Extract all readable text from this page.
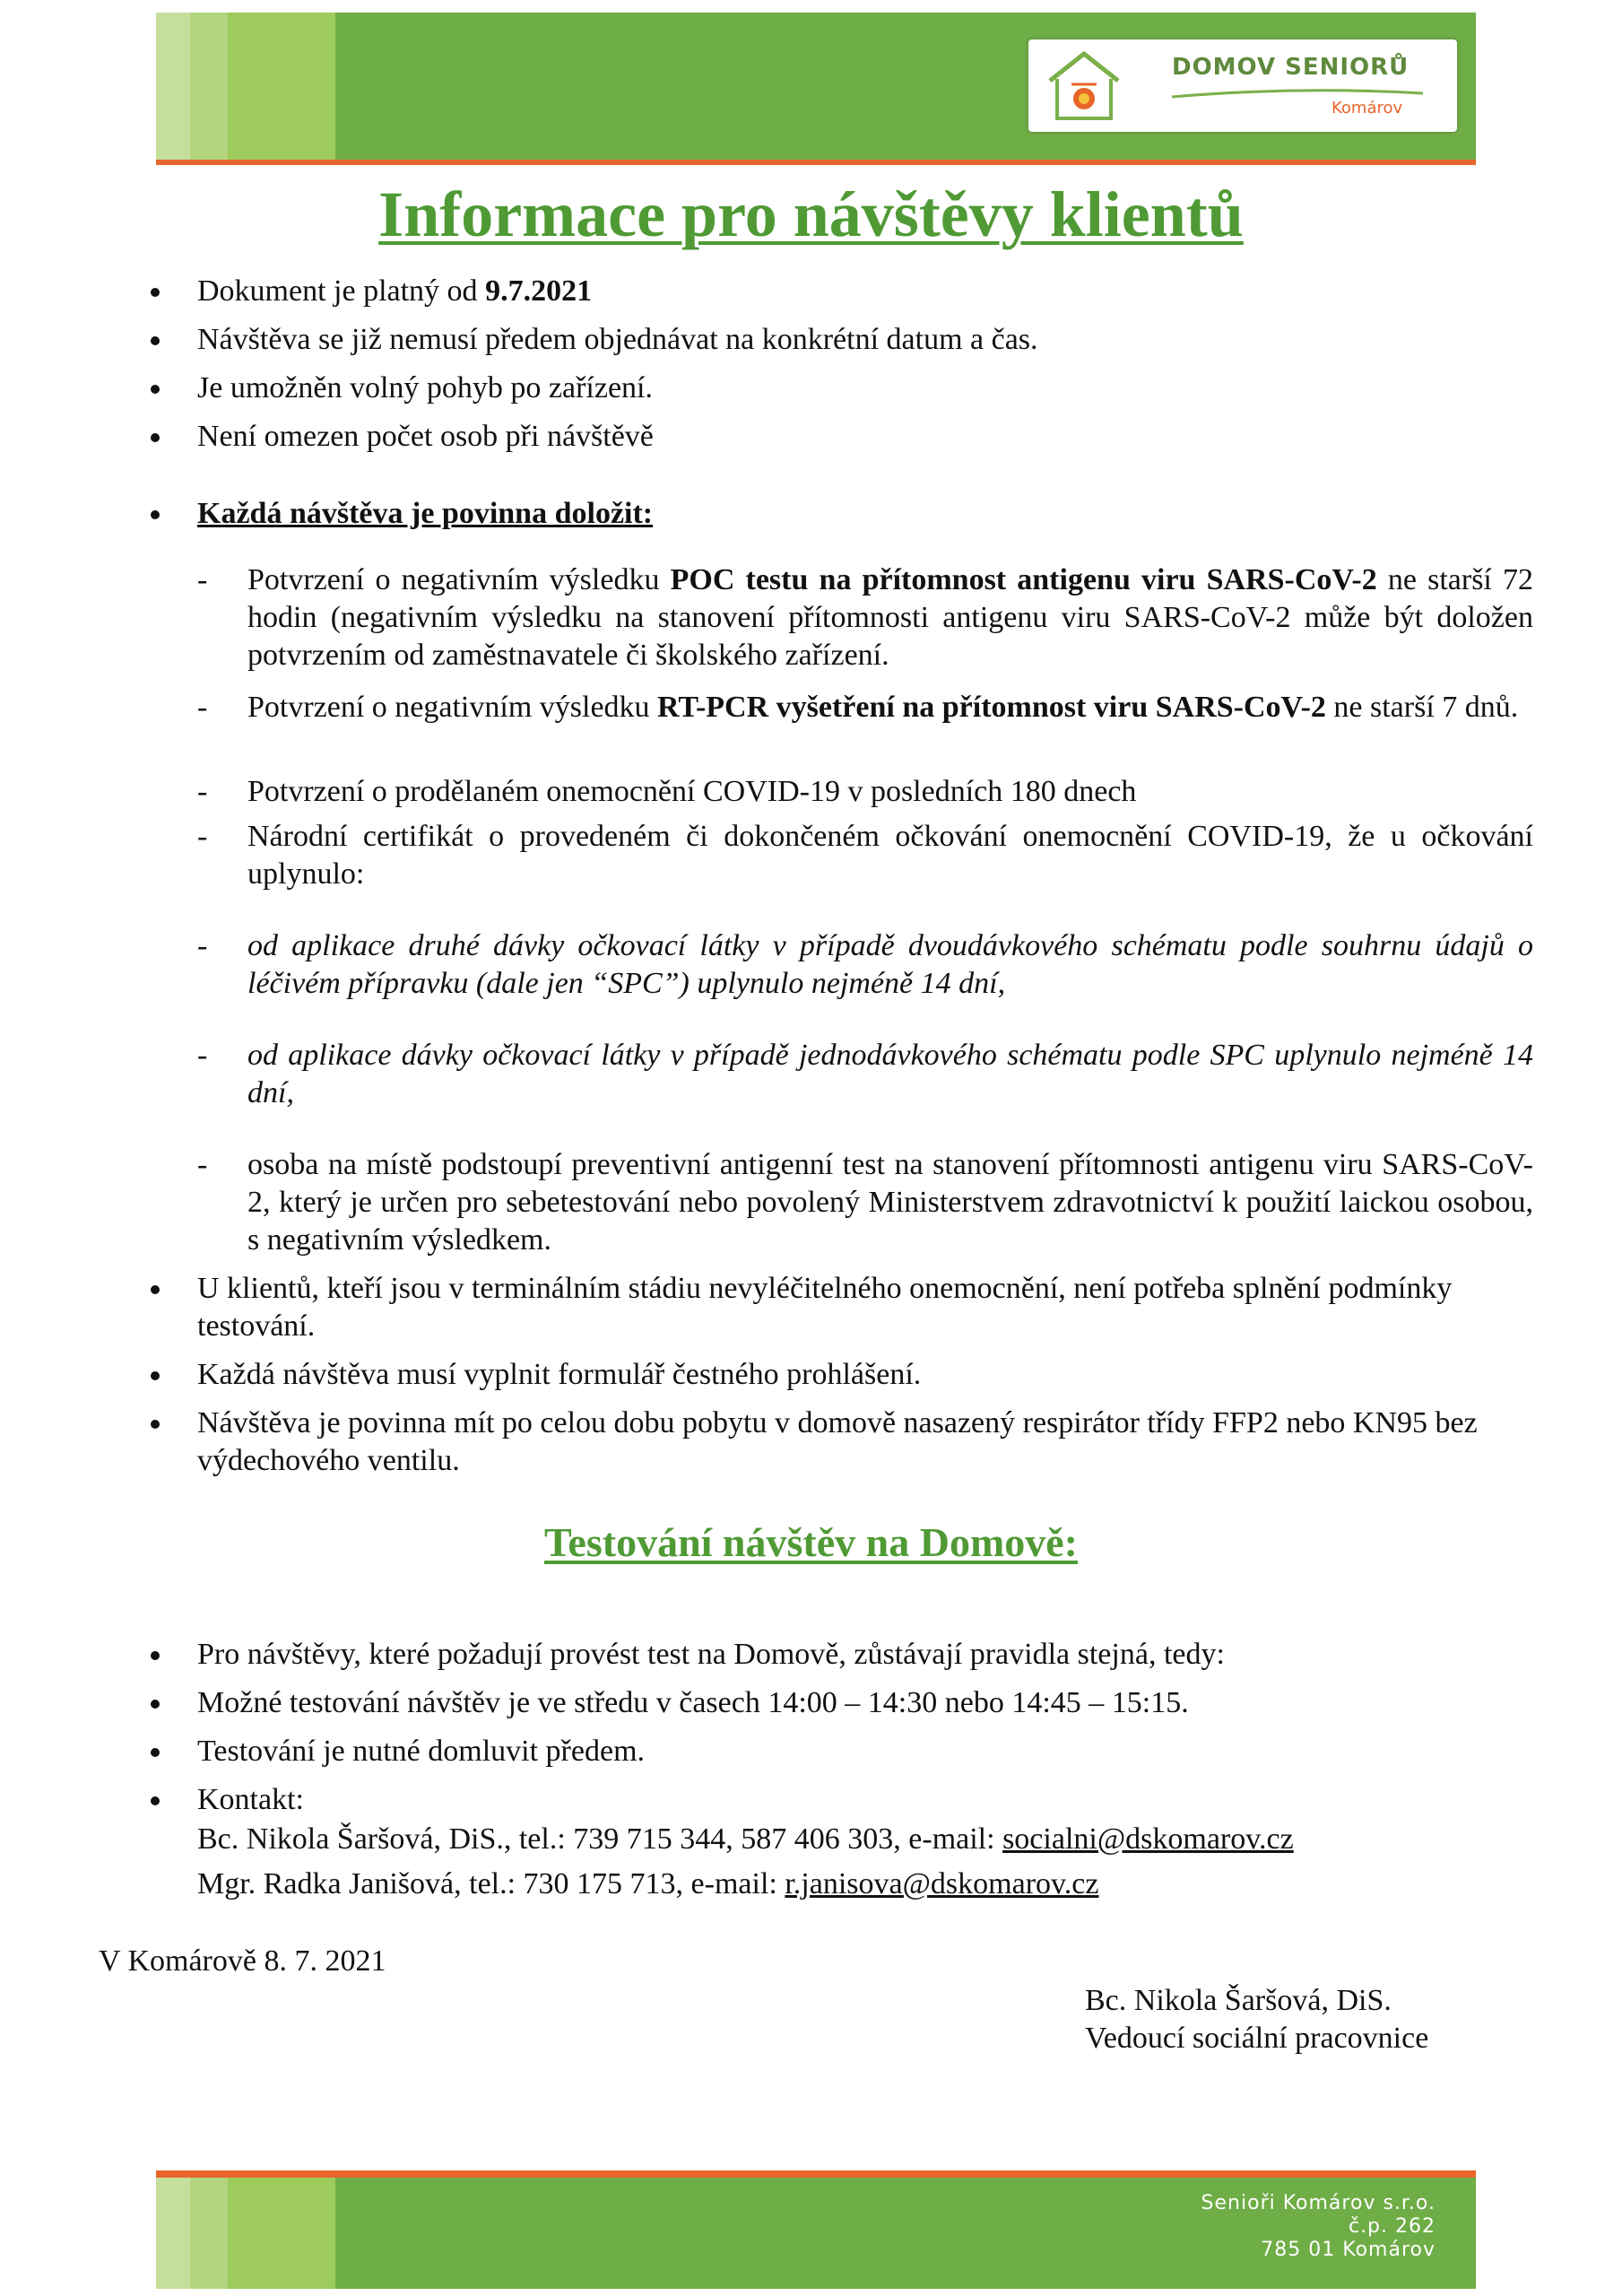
DOMOV SENIORŮ
Komárov
Informace pro návštěvy klientů
Dokument je platný od 9.7.2021
Návštěva se již nemusí předem objednávat na konkrétní datum a čas.
Je umožněn volný pohyb po zařízení.
Není omezen počet osob při návštěvě
Každá návštěva je povinna doložit:
Potvrzení o negativním výsledku POC testu na přítomnost antigenu viru SARS-CoV-2 ne starší 72 hodin (negativním výsledku na stanovení přítomnosti antigenu viru SARS-CoV-2 může být doložen potvrzením od zaměstnavatele či školského zařízení.
Potvrzení o negativním výsledku RT-PCR vyšetření na přítomnost viru SARS-CoV-2 ne starší 7 dnů.
Potvrzení o prodělaném onemocnění COVID-19 v posledních 180 dnech
Národní certifikát o provedeném či dokončeném očkování onemocnění COVID-19, že u očkování uplynulo:
od aplikace druhé dávky očkovací látky v případě dvoudávkového schématu podle souhrnu údajů o léčivém přípravku (dale jen “SPC”) uplynulo nejméně 14 dní,
od aplikace dávky očkovací látky v případě jednodávkového schématu podle SPC uplynulo nejméně 14 dní,
osoba na místě podstoupí preventivní antigenní test na stanovení přítomnosti antigenu viru SARS-CoV-2, který je určen pro sebetestování nebo povolený Ministerstvem zdravotnictví k použití laickou osobou, s negativním výsledkem.
U klientů, kteří jsou v terminálním stádiu nevyléčitelného onemocnění, není potřeba splnění podmínky testování.
Každá návštěva musí vyplnit formulář čestného prohlášení.
Návštěva je povinna mít po celou dobu pobytu v domově nasazený respirátor třídy FFP2 nebo KN95 bez výdechového ventilu.
Testování návštěv na Domově:
Pro návštěvy, které požadují provést test na Domově, zůstávají pravidla stejná, tedy:
Možné testování návštěv je ve středu v časech 14:00 – 14:30 nebo 14:45 – 15:15.
Testování je nutné domluvit předem.
Kontakt:
Bc. Nikola Šaršová, DiS., tel.: 739 715 344, 587 406 303, e-mail: socialni@dskomarov.cz
Mgr. Radka Janišová, tel.: 730 175 713, e-mail: r.janisova@dskomarov.cz
V Komárově 8. 7. 2021
Bc. Nikola Šaršová, DiS.
Vedoucí sociální pracovnice
Senioři Komárov s.r.o.
č.p. 262
785 01 Komárov
